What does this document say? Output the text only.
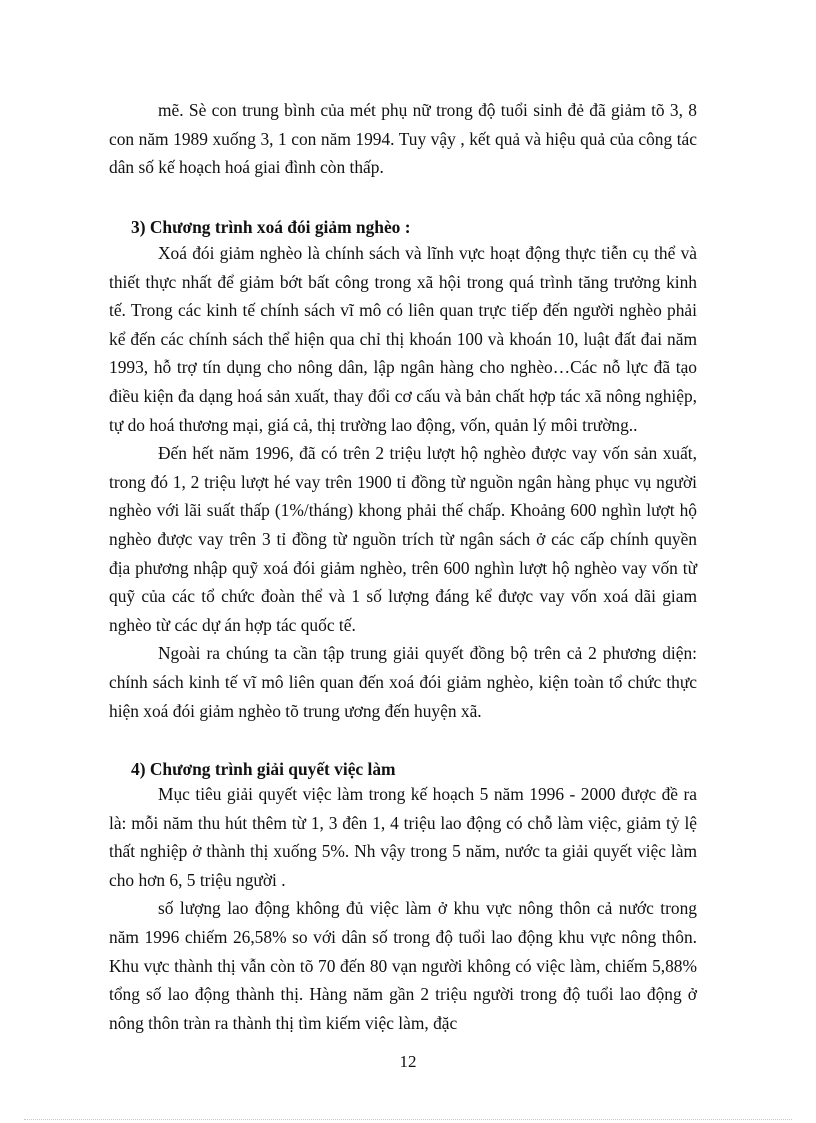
mẽ. Sè con trung bình của mét phụ nữ trong độ tuổi sinh đẻ đã giảm tõ 3, 8 con năm 1989 xuống 3, 1 con năm 1994. Tuy vậy , kết quả và hiệu quả của công tác dân số kế hoạch hoá giai đình còn thấp.

3) Chương trình xoá đói giảm nghèo :

Xoá đói giảm nghèo là chính sách và lĩnh vực hoạt động thực tiễn cụ thể và thiết thực nhất để giảm bớt bất công trong xã hội trong quá trình tăng trưởng kinh tế. Trong các kinh tế chính sách vĩ mô có liên quan trực tiếp đến người nghèo phải kể đến các chính sách thể hiện qua chỉ thị khoán 100 và khoán 10, luật đất đai năm 1993, hỗ trợ tín dụng cho nông dân, lập ngân hàng cho nghèo…Các nỗ lực đã tạo điều kiện đa dạng hoá sản xuất, thay đổi cơ cấu và bản chất hợp tác xã nông nghiệp, tự do hoá thương mại, giá cả, thị trường lao động, vốn, quản lý môi trường..

Đến hết năm 1996, đã có trên 2 triệu lượt hộ nghèo được vay vốn sản xuất, trong đó 1, 2 triệu lượt hé vay trên 1900 tỉ đồng từ nguồn ngân hàng phục vụ người nghèo với lãi suất thấp (1%/tháng) khong phải thế chấp. Khoảng 600 nghìn lượt hộ nghèo được vay trên 3 tỉ đồng từ nguồn trích từ ngân sách ở các cấp chính quyền địa phương nhập quỹ xoá đói giảm nghèo, trên 600 nghìn lượt hộ nghèo vay vốn từ quỹ của các tổ chức đoàn thể và 1 số lượng đáng kể được vay vốn xoá dãi giam nghèo từ các dự án hợp tác quốc tế.

Ngoài ra chúng ta cần tập trung giải quyết đồng bộ trên cả 2 phương diện: chính sách kinh tế vĩ mô liên quan đến xoá đói giảm nghèo, kiện toàn tổ chức thực hiện xoá đói giảm nghèo tõ trung ương đến huyện xã.

4) Chương trình giải quyết việc làm

Mục tiêu giải quyết việc làm trong kế hoạch 5 năm 1996 - 2000 được đề ra là: mỗi năm thu hút thêm từ 1, 3 đên 1, 4 triệu lao động có chỗ làm việc, giảm tỷ lệ thất nghiệp ở thành thị xuống 5%. Nh vậy trong 5 năm, nước ta giải quyết việc làm cho hơn 6, 5 triệu người .

số lượng lao động không đủ việc làm ở khu vực nông thôn cả nước trong năm 1996 chiếm 26,58% so với dân số trong độ tuổi lao động khu vực nông thôn. Khu vực thành thị vẫn còn tõ 70 đến 80 vạn người không có việc làm, chiếm 5,88% tổng số lao động thành thị. Hàng năm gần 2 triệu người trong độ tuổi lao động ở nông thôn tràn ra thành thị tìm kiếm việc làm, đặc

12
